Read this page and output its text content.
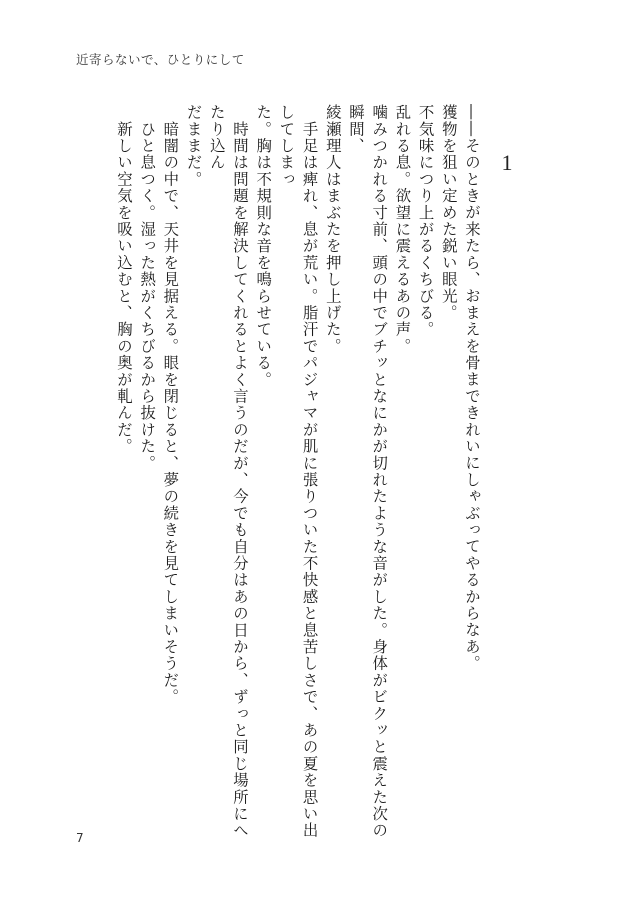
近寄らないで、ひとりにして
1

――そのときが来たら、おまえを骨まできれいにしゃぶってやるからなあ。

獲物を狙い定めた鋭い眼光。

不気味につり上がるくちびる。

乱れる息。欲望に震えるあの声。

噛みつかれる寸前、頭の中でブチッとなにかが切れたような音がした。身体がビクッと震えた次の瞬間、

綾瀬理人はまぶたを押し上げた。

　手足は痺れ、息が荒い。脂汗でパジャマが肌に張りついた不快感と息苦しさで、あの夏を思い出してしまっ

た。胸は不規則な音を鳴らせている。

　時間は問題を解決してくれるとよく言うのだが、今でも自分はあの日から、ずっと同じ場所にへたり込ん

だままだ。

　暗闇の中で、天井を見据える。眼を閉じると、夢の続きを見てしまいそうだ。

　ひと息つく。湿った熱がくちびるから抜けた。

　新しい空気を吸い込むと、胸の奥が軋んだ。

7
